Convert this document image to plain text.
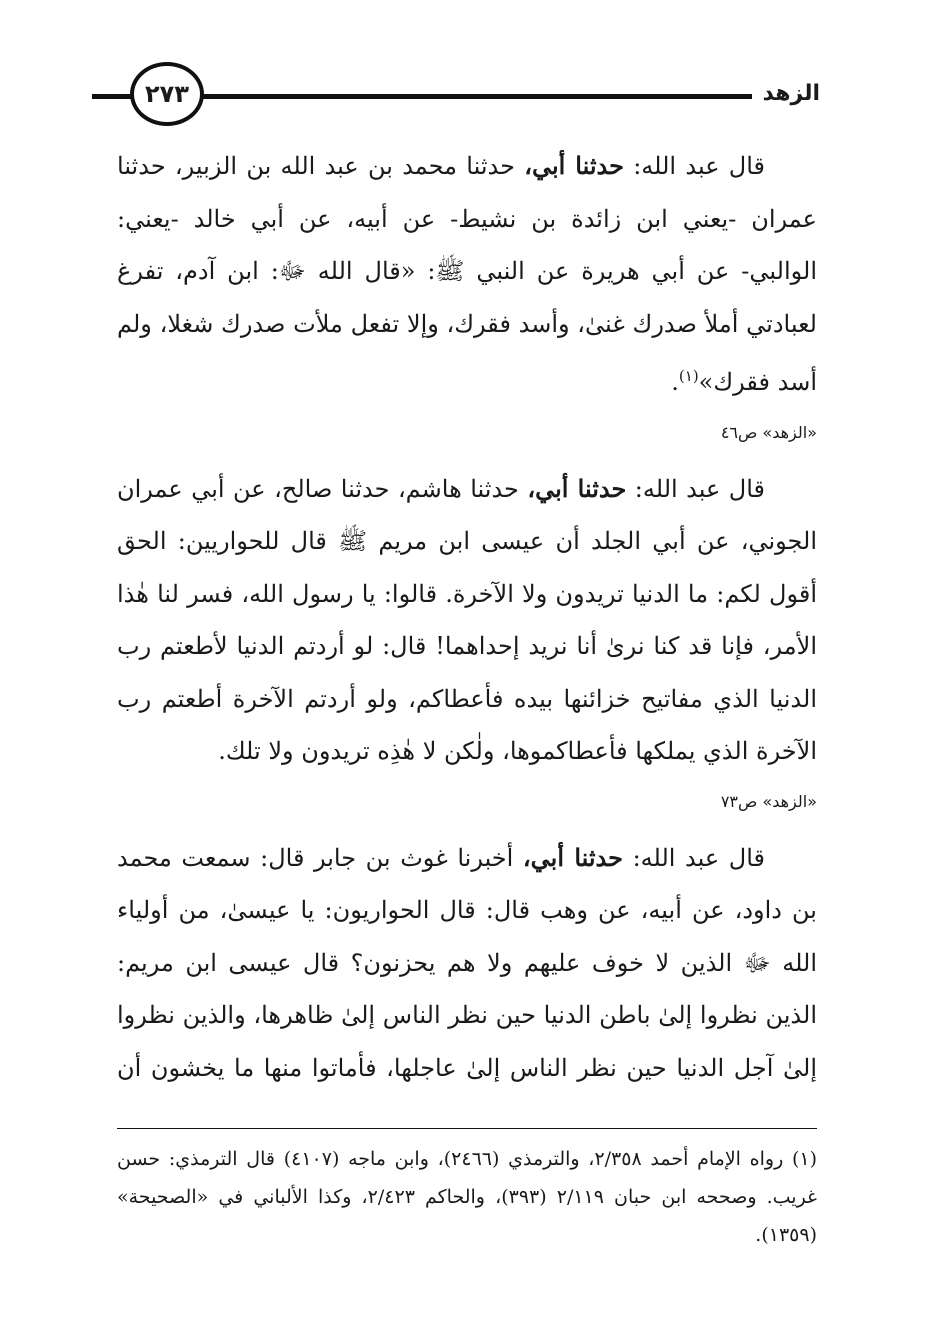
الزهد
٢٧٣

قال عبد الله: حدثنا أبي، حدثنا محمد بن عبد الله بن الزبير، حدثنا عمران -يعني ابن زائدة بن نشيط- عن أبيه، عن أبي خالد -يعني: الوالبي- عن أبي هريرة عن النبي ﷺ: «قال الله ﷻ: ابن آدم، تفرغ لعبادتي أملأ صدرك غنىٰ، وأسد فقرك، وإلا تفعل ملأت صدرك شغلا، ولم أسد فقرك»$^{(١)}$.

«الزهد» ص٤٦

قال عبد الله: حدثنا أبي، حدثنا هاشم، حدثنا صالح، عن أبي عمران الجوني، عن أبي الجلد أن عيسى ابن مريم ﷺ قال للحواريين: الحق أقول لكم: ما الدنيا تريدون ولا الآخرة. قالوا: يا رسول الله، فسر لنا هٰذا الأمر، فإنا قد كنا نرىٰ أنا نريد إحداهما! قال: لو أردتم الدنيا لأطعتم رب الدنيا الذي مفاتيح خزائنها بيده فأعطاكم، ولو أردتم الآخرة أطعتم رب الآخرة الذي يملكها فأعطاكموها، ولٰكن لا هٰذِه تريدون ولا تلك.

«الزهد» ص٧٣

قال عبد الله: حدثنا أبي، أخبرنا غوث بن جابر قال: سمعت محمد بن داود، عن أبيه، عن وهب قال: قال الحواريون: يا عيسىٰ، من أولياء الله ﷻ الذين لا خوف عليهم ولا هم يحزنون؟ قال عيسى ابن مريم: الذين نظروا إلىٰ باطن الدنيا حين نظر الناس إلىٰ ظاهرها، والذين نظروا إلىٰ آجل الدنيا حين نظر الناس إلىٰ عاجلها، فأماتوا منها ما يخشون أن

(١) رواه الإمام أحمد ٢/٣٥٨، والترمذي (٢٤٦٦)، وابن ماجه (٤١٠٧) قال الترمذي: حسن غريب. وصححه ابن حبان ٢/١١٩ (٣٩٣)، والحاكم ٢/٤٢٣، وكذا الألباني في «الصحيحة» (١٣٥٩).
